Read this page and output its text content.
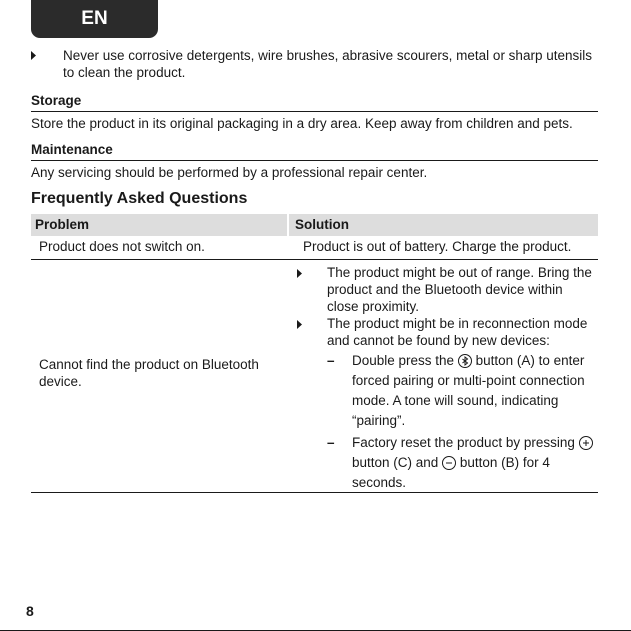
EN
Never use corrosive detergents, wire brushes, abrasive scourers, metal or sharp utensils to clean the product.
Storage
Store the product in its original packaging in a dry area. Keep away from children and pets.
Maintenance
Any servicing should be performed by a professional repair center.
Frequently Asked Questions
Problem	Solution
Product does not switch on.	Product is out of battery. Charge the product.
Cannot find the product on Bluetooth device.
The product might be out of range. Bring the product and the Bluetooth device within close proximity.
The product might be in reconnection mode and cannot be found by new devices:
– Double press the button (A) to enter forced pairing or multi-point connection mode. A tone will sound, indicating “pairing”.
– Factory reset the product by pressing
button (C) and button (B) for 4 seconds.
8
